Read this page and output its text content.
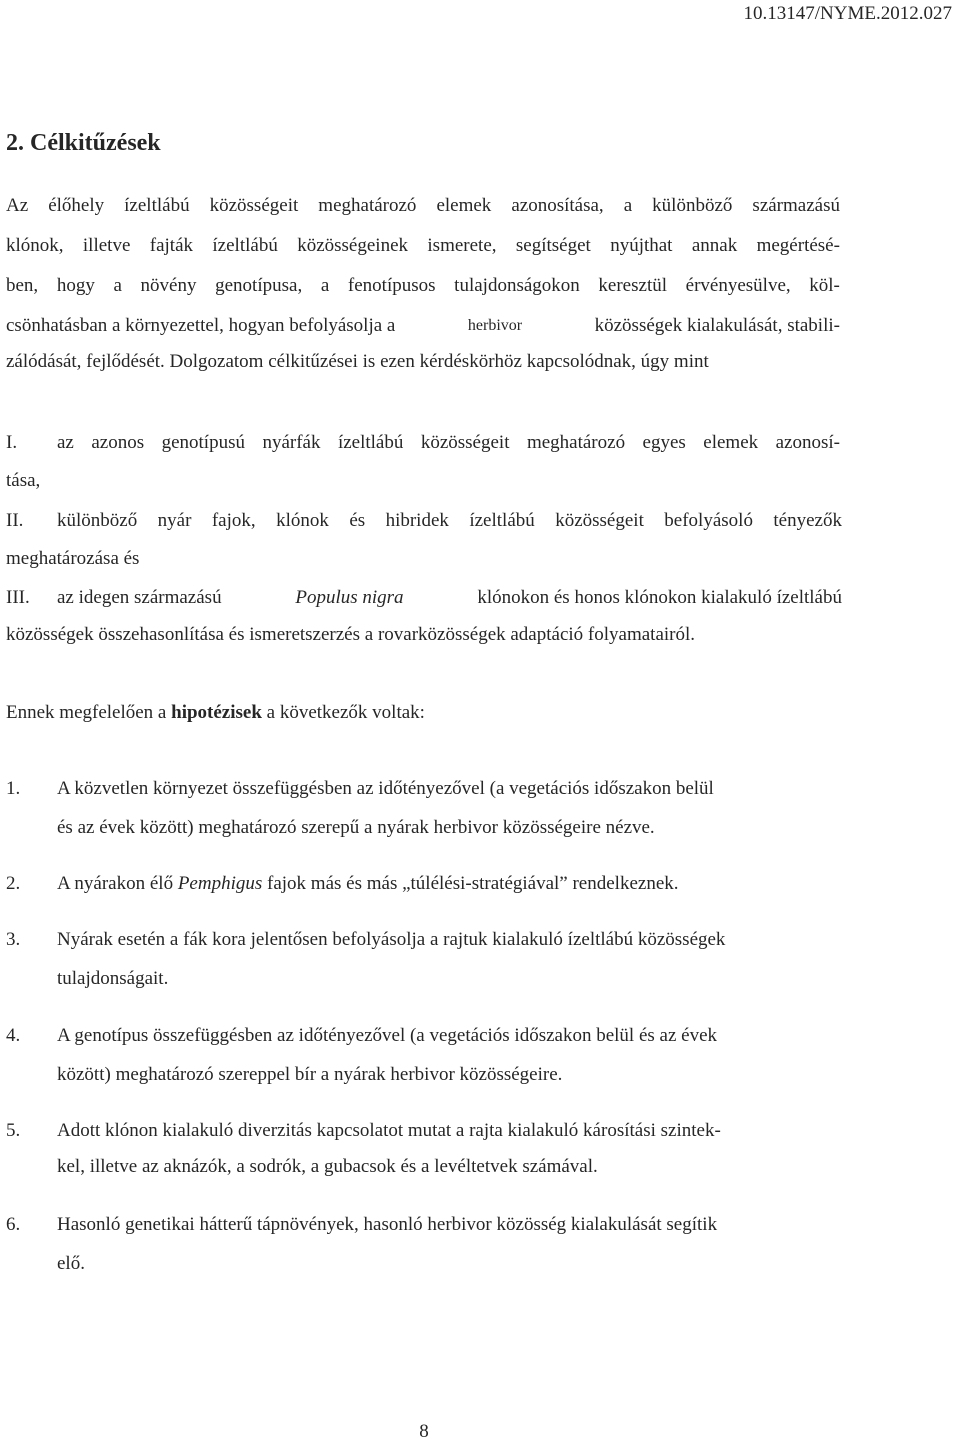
10.13147/NYME.2012.027
2. Célkitűzések

Az élőhely ízeltlábú közösségeit meghatározó elemek azonosítása, a különböző származású

klónok, illetve fajták ízeltlábú közösségeinek ismerete, segítséget nyújthat annak megértésé-

ben, hogy a növény genotípusa, a fenotípusos tulajdonságokon keresztül érvényesülve, köl-

csönhatásban a környezettel, hogyan befolyásolja a	herbivor	közösségek kialakulását, stabili-

zálódását, fejlődését. Dolgozatom célkitűzései is ezen kérdéskörhöz kapcsolódnak, úgy mint

I. az azonos genotípusú nyárfák ízeltlábú közösségeit meghatározó egyes elemek azonosí-

tása,

II. különböző nyár fajok, klónok és hibridek ízeltlábú közösségeit befolyásoló tényezők

meghatározása és

III. az idegen származású	Populus nigra	klónokon és honos klónokon kialakuló ízeltlábú

közösségek összehasonlítása és ismeretszerzés a rovarközösségek adaptáció folyamatairól.

Ennek megfelelően a hipotézisek a következők voltak:

1. A közvetlen környezet összefüggésben az időtényezővel (a vegetációs időszakon belül

és az évek között) meghatározó szerepű a nyárak herbivor közösségeire nézve.

2. A nyárakon élő Pemphigus fajok más és más „túlélési-stratégiával” rendelkeznek.

3. Nyárak esetén a fák kora jelentősen befolyásolja a rajtuk kialakuló ízeltlábú közösségek

tulajdonságait.

4. A genotípus összefüggésben az időtényezővel (a vegetációs időszakon belül és az évek

között) meghatározó szereppel bír a nyárak herbivor közösségeire.

5. Adott klónon kialakuló diverzitás kapcsolatot mutat a rajta kialakuló károsítási szintek-

kel, illetve az aknázók, a sodrók, a gubacsok és a levéltetvek számával.

6. Hasonló genetikai hátterű tápnövények, hasonló herbivor közösség kialakulását segítik

elő.

8
